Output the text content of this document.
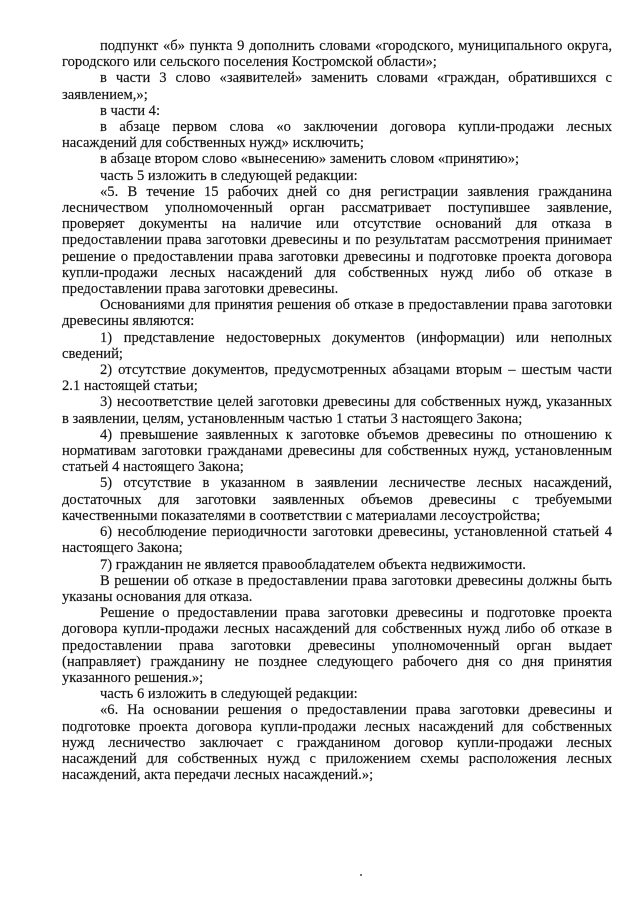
подпункт «б» пункта 9 дополнить словами «городского, муниципального округа, городского или сельского поселения Костромской области»;

в части 3 слово «заявителей» заменить словами «граждан, обратившихся с заявлением,»;

в части 4:

в абзаце первом слова «о заключении договора купли-продажи лесных насаждений для собственных нужд» исключить;

в абзаце втором слово «вынесению» заменить словом «принятию»;

часть 5 изложить в следующей редакции:

«5. В течение 15 рабочих дней со дня регистрации заявления гражданина лесничеством уполномоченный орган рассматривает поступившее заявление, проверяет документы на наличие или отсутствие оснований для отказа в предоставлении права заготовки древесины и по результатам рассмотрения принимает решение о предоставлении права заготовки древесины и подготовке проекта договора купли-продажи лесных насаждений для собственных нужд либо об отказе в предоставлении права заготовки древесины.

Основаниями для принятия решения об отказе в предоставлении права заготовки древесины являются:

1) представление недостоверных документов (информации) или неполных сведений;

2) отсутствие документов, предусмотренных абзацами вторым – шестым части 2.1 настоящей статьи;

3) несоответствие целей заготовки древесины для собственных нужд, указанных в заявлении, целям, установленным частью 1 статьи 3 настоящего Закона;

4) превышение заявленных к заготовке объемов древесины по отношению к нормативам заготовки гражданами древесины для собственных нужд, установленным статьей 4 настоящего Закона;

5) отсутствие в указанном в заявлении лесничестве лесных насаждений, достаточных для заготовки заявленных объемов древесины с требуемыми качественными показателями в соответствии с материалами лесоустройства;

6) несоблюдение периодичности заготовки древесины, установленной статьей 4 настоящего Закона;

7) гражданин не является правообладателем объекта недвижимости.

В решении об отказе в предоставлении права заготовки древесины должны быть указаны основания для отказа.

Решение о предоставлении права заготовки древесины и подготовке проекта договора купли-продажи лесных насаждений для собственных нужд либо об отказе в предоставлении права заготовки древесины уполномоченный орган выдает (направляет) гражданину не позднее следующего рабочего дня со дня принятия указанного решения.»;

часть 6 изложить в следующей редакции:

«6. На основании решения о предоставлении права заготовки древесины и подготовке проекта договора купли-продажи лесных насаждений для собственных нужд лесничество заключает с гражданином договор купли-продажи лесных насаждений для собственных нужд с приложением схемы расположения лесных насаждений, акта передачи лесных насаждений.»;
